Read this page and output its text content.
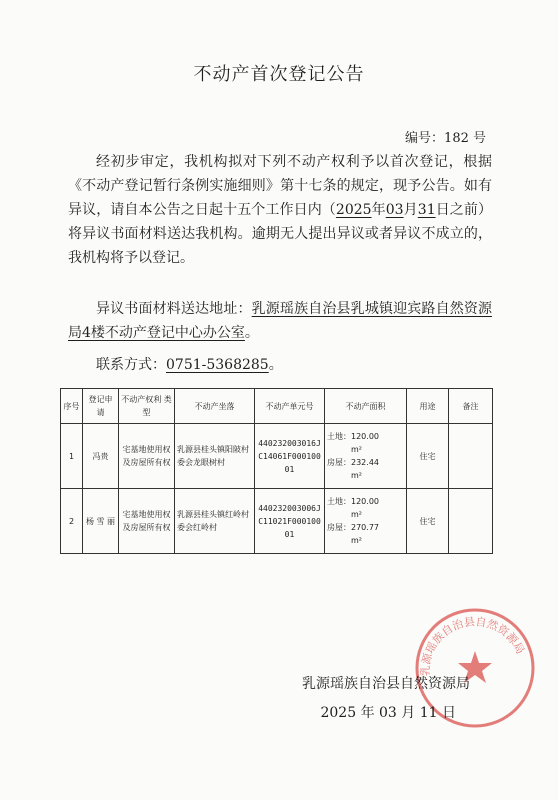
不动产首次登记公告
编号：182 号
经初步审定，我机构拟对下列不动产权利予以首次登记，根据《不动产登记暂行条例实施细则》第十七条的规定，现予公告。如有异议，请自本公告之日起十五个工作日内（2025年03月31日之前）将异议书面材料送达我机构。逾期无人提出异议或者异议不成立的，我机构将予以登记。
异议书面材料送达地址：乳源瑶族自治县乳城镇迎宾路自然资源局4楼不动产登记中心办公室。
联系方式：0751-5368285。
序号	登记申请	不动产权利 类型	不动产坐落	不动产单元号	不动产面积	用途	备注
1	冯贵	宅基地使用权及房屋所有权	乳源县桂头镇阳陂村委会龙眼树村	440232003016JC14061F00010001	土地：120.00
m²
房屋：232.44
m²	住宅	
2	杨 雪 丽	宅基地使用权及房屋所有权	乳源县桂头镇红岭村委会红岭村	440232003006JC11021F00010001	土地：120.00
m²
房屋：270.77
m²	住宅	
乳源瑶族自治县自然资源局
乳源瑶族自治县自然资源局
2025 年 03 月 11 日
